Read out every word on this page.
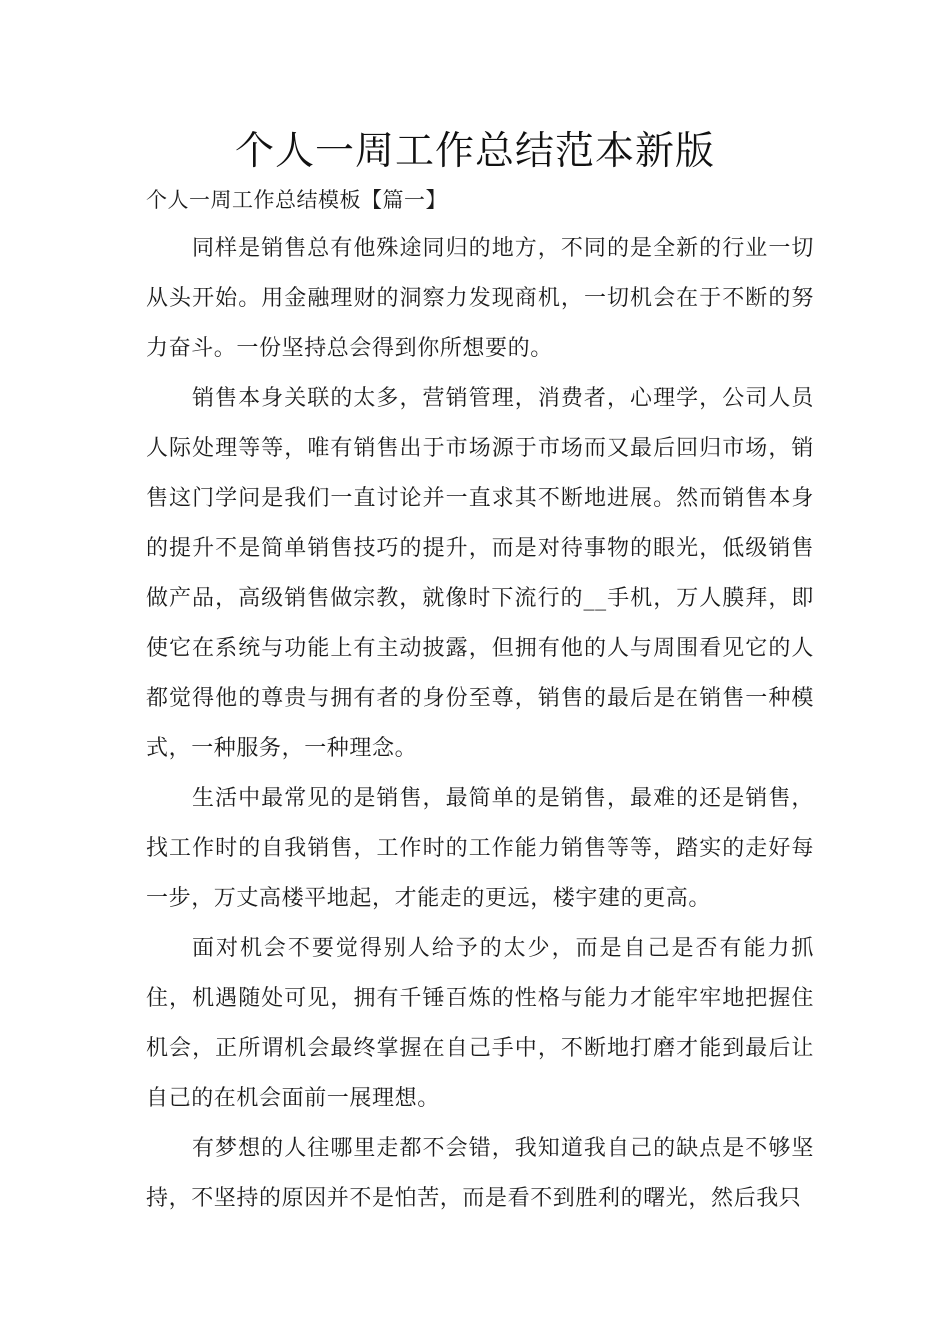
个人一周工作总结范本新版
个人一周工作总结模板【篇一】

同样是销售总有他殊途同归的地方，不同的是全新的行业一切从头开始。用金融理财的洞察力发现商机，一切机会在于不断的努力奋斗。一份坚持总会得到你所想要的。

销售本身关联的太多，营销管理，消费者，心理学，公司人员人际处理等等，唯有销售出于市场源于市场而又最后回归市场，销售这门学问是我们一直讨论并一直求其不断地进展。然而销售本身的提升不是简单销售技巧的提升，而是对待事物的眼光，低级销售做产品，高级销售做宗教，就像时下流行的__手机，万人膜拜，即使它在系统与功能上有主动披露，但拥有他的人与周围看见它的人都觉得他的尊贵与拥有者的身份至尊，销售的最后是在销售一种模式，一种服务，一种理念。

生活中最常见的是销售，最简单的是销售，最难的还是销售，找工作时的自我销售，工作时的工作能力销售等等，踏实的走好每一步，万丈高楼平地起，才能走的更远，楼宇建的更高。

面对机会不要觉得别人给予的太少，而是自己是否有能力抓住，机遇随处可见，拥有千锤百炼的性格与能力才能牢牢地把握住机会，正所谓机会最终掌握在自己手中，不断地打磨才能到最后让自己的在机会面前一展理想。

有梦想的人往哪里走都不会错，我知道我自己的缺点是不够坚持，不坚持的原因并不是怕苦，而是看不到胜利的曙光，然后我只
